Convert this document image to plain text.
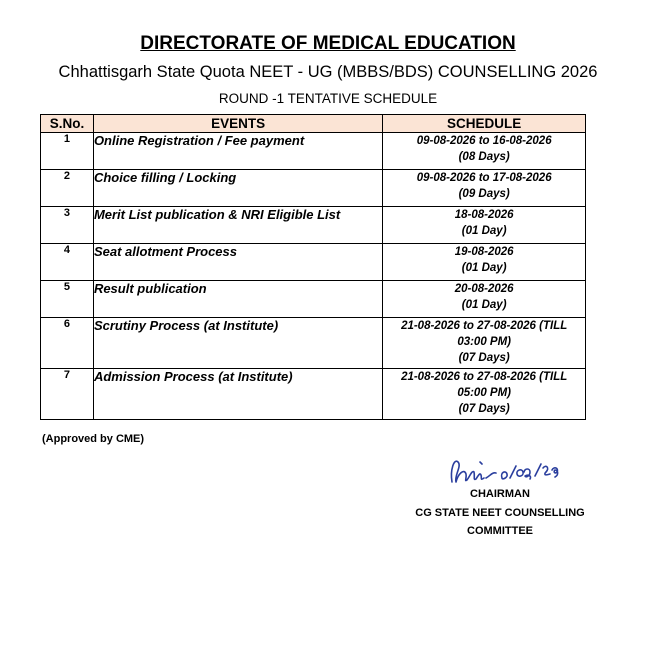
DIRECTORATE OF MEDICAL EDUCATION
Chhattisgarh State Quota NEET - UG (MBBS/BDS) COUNSELLING 2026
ROUND -1 TENTATIVE SCHEDULE
S.No.	EVENTS	SCHEDULE
1	Online Registration / Fee payment	09-08-2026 to 16-08-2026
(08 Days)

2	Choice filling / Locking	09-08-2026 to 17-08-2026
(09 Days)

3	Merit List publication & NRI Eligible List	18-08-2026
(01 Day)

4	Seat allotment Process	19-08-2026
(01 Day)

5	Result publication	20-08-2026
(01 Day)

6	Scrutiny Process (at Institute)	21-08-2026 to 27-08-2026 (TILL
03:00 PM)
(07 Days)

7	Admission Process (at Institute)	21-08-2026 to 27-08-2026 (TILL
05:00 PM)
(07 Days)
(Approved by CME)
CHAIRMAN
CG STATE NEET COUNSELLING
COMMITTEE
